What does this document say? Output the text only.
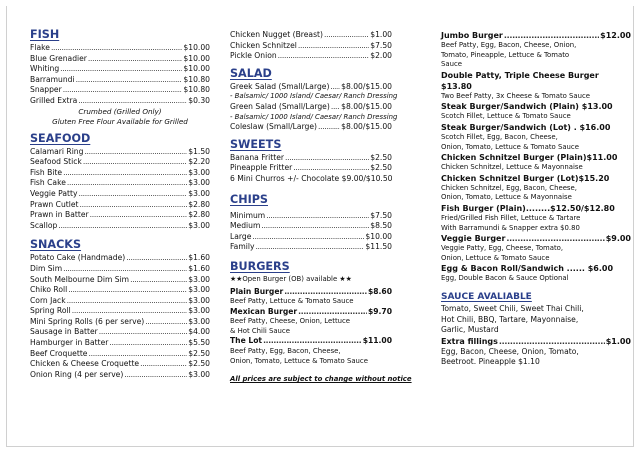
FISH
Flake .....	$10.00
Blue Grenadier .....	$10.00
Whiting .....	$10.00
Barramundi .....	$10.80
Snapper .....	$10.80
Grilled Extra .....	$0.30
Crumbed (Grilled Only)
Gluten Free Flour Available for Grilled
SEAFOOD
Calamari Ring .....	$1.50
Seafood Stick .....	$2.20
Fish Bite .....	$3.00
Fish Cake .....	$3.00
Veggie Patty .....	$3.00
Prawn Cutlet .....	$2.80
Prawn in Batter .....	$2.80
Scallop .....	$3.00
SNACKS
Potato Cake (Handmade) .....	$1.60
Dim Sim .....	$1.60
South Melbourne Dim Sim .....	$3.00
Chiko Roll .....	$3.00
Corn Jack .....	$3.00
Spring Roll .....	$3.00
Mini Spring Rolls (6 per serve) .....	$3.00
Sausage in Batter .....	$4.00
Hamburger in Batter .....	$5.50
Beef Croquette .....	$2.50
Chicken & Cheese Croquette .....	$2.50
Onion Ring (4 per serve) .....	$3.00
Chicken Nugget (Breast) .....	$1.00
Chicken Schnitzel .....	$7.50
Pickle Onion .....	$2.00
SALAD
Greek Salad (Small/Large) ..... $8.00/$15.00
- Balsamic/ 1000 Island/ Caesar/ Ranch Dressing
Green Salad (Small/Large) ..... $8.00/$15.00
- Balsamic/ 1000 Island/ Caesar/ Ranch Dressing
Coleslaw (Small/Large) .....	$8.00/$15.00
SWEETS
Banana Fritter .....	$2.50
Pineapple Fritter .....	$2.50
6 Mini Churros +/- Chocolate $9.00/$10.50
CHIPS
Minimum .....	$7.50
Medium .....	$8.50
Large .....	$10.00
Family .....	$11.50
BURGERS
★★Open Burger (OB) available ★★
Plain Burger .....	$8.60
Beef Patty, Lettuce & Tomato Sauce
Mexican Burger .....	$9.70
Beef Patty, Cheese, Onion, Lettuce
& Hot Chili Sauce
The Lot .....	$11.00
Beef Patty, Egg, Bacon, Cheese,
Onion, Tomato, Lettuce & Tomato Sauce
All prices are subject to change without notice
Jumbo Burger .....	$12.00
Beef Patty, Egg, Bacon, Cheese, Onion,
Tomato, Pineapple, Lettuce & Tomato
Sauce
Double Patty, Triple Cheese Burger
$13.80
Two Beef Patty, 3x Cheese & Tomato Sauce
Steak Burger/Sandwich (Plain) $13.00
Scotch Fillet, Lettuce & Tomato Sauce
Steak Burger/Sandwich (Lot) . $16.00
Scotch Fillet, Egg, Bacon, Cheese,
Onion, Tomato, Lettuce & Tomato Sauce
Chicken Schnitzel Burger (Plain)$11.00
Chicken Schnitzel, Lettuce & Mayonnaise
Chicken Schnitzel Burger (Lot)$15.20
Chicken Schnitzel, Egg, Bacon, Cheese,
Onion, Tomato, Lettuce & Mayonnaise
Fish Burger (Plain)........$12.50/$12.80
Fried/Grilled Fish Fillet, Lettuce & Tartare
With Barramundi & Snapper extra $0.80
Veggie Burger .....	$9.00
Veggie Patty, Egg, Cheese, Tomato,
Onion, Lettuce & Tomato Sauce
Egg & Bacon Roll/Sandwich ...... $6.00
Egg, Double Bacon & Sauce Optional
SAUCE AVALIABLE
Tomato, Sweet Chili, Sweet Thai Chili,
Hot Chili, BBQ, Tartare, Mayonnaise,
Garlic, Mustard
Extra fillings .....	$1.00
Egg, Bacon, Cheese, Onion, Tomato,
Beetroot. Pineapple $1.10
